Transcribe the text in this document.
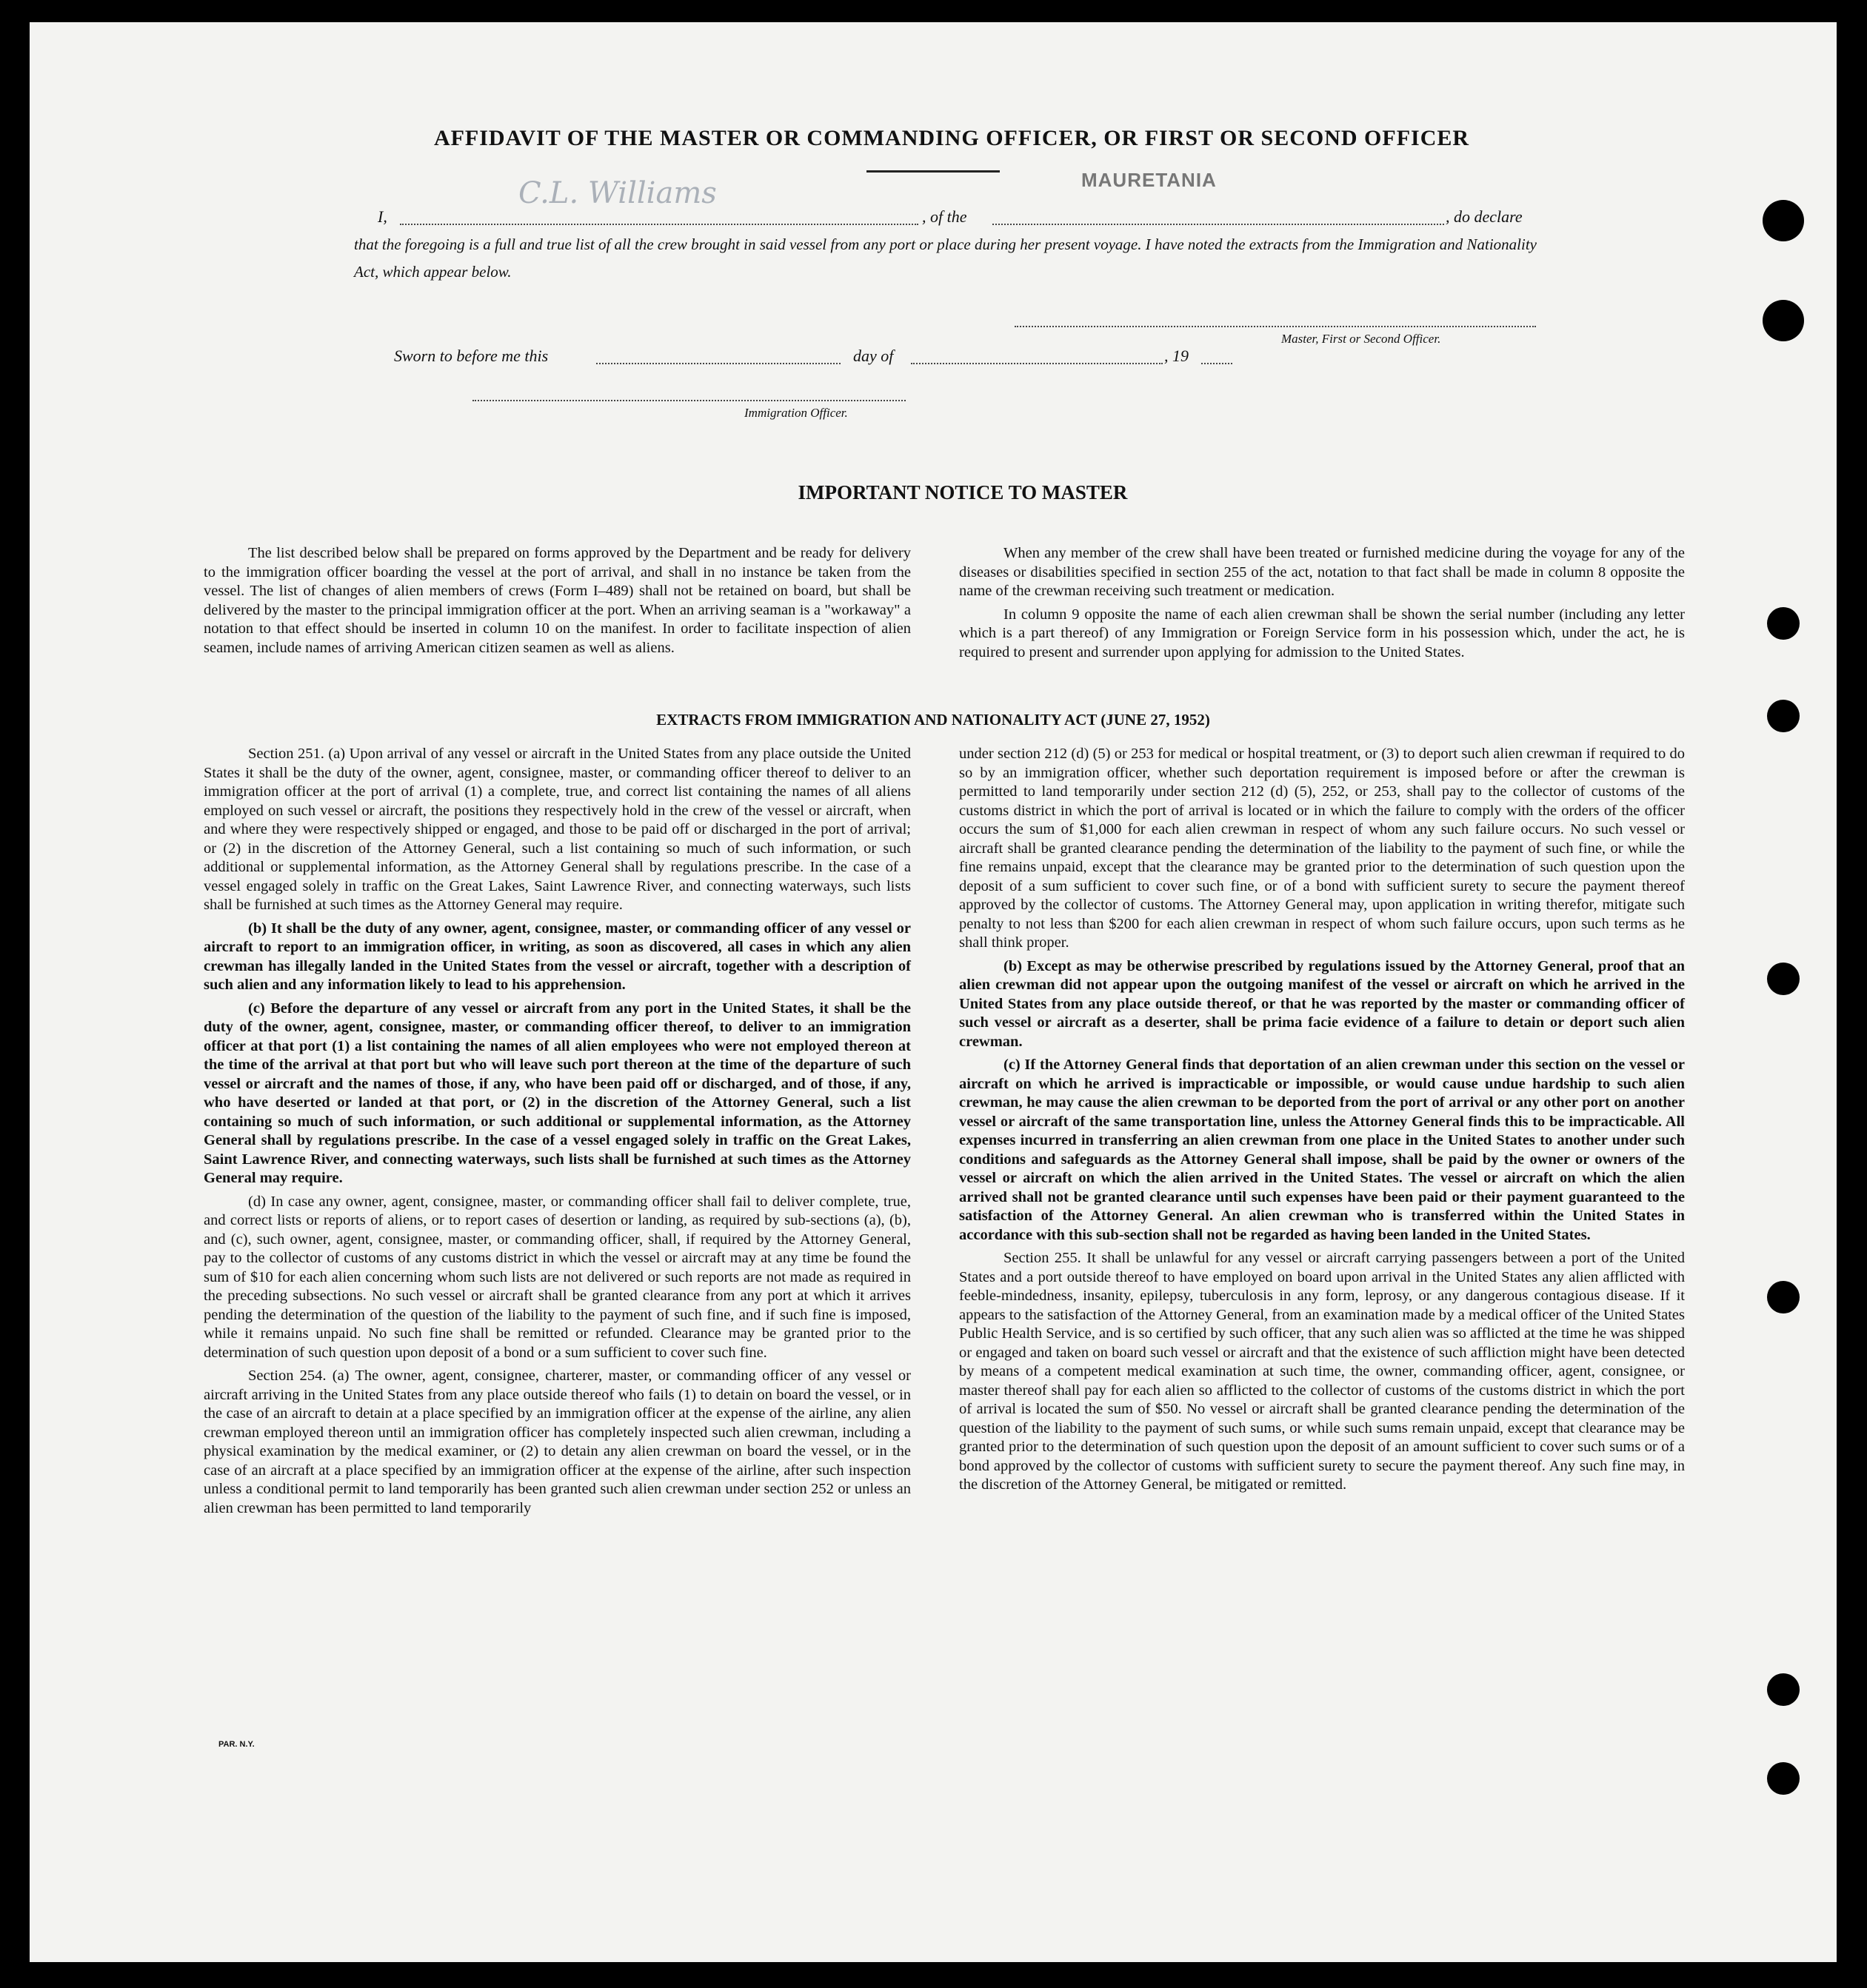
AFFIDAVIT OF THE MASTER OR COMMANDING OFFICER, OR FIRST OR SECOND OFFICER
MAURETANIA
I,
C.L. Williams
, of the	, do declare
that the foregoing is a full and true list of all the crew brought in said vessel from any port or place during her present voyage. I have noted the extracts from the Immigration and Nationality Act, which appear below.
Master, First or Second Officer.
Sworn to before me this	day of	, 19
Immigration Officer.
IMPORTANT NOTICE TO MASTER

The list described below shall be prepared on forms approved by the Department and be ready for delivery to the immigration officer boarding the vessel at the port of arrival, and shall in no instance be taken from the vessel. The list of changes of alien members of crews (Form I–489) shall not be retained on board, but shall be delivered by the master to the principal immigration officer at the port. When an arriving seaman is a "workaway" a notation to that effect should be inserted in column 10 on the manifest. In order to facilitate inspection of alien seamen, include names of arriving American citizen seamen as well as aliens.

When any member of the crew shall have been treated or furnished medicine during the voyage for any of the diseases or disabilities specified in section 255 of the act, notation to that fact shall be made in column 8 opposite the name of the crewman receiving such treatment or medication.

In column 9 opposite the name of each alien crewman shall be shown the serial number (including any letter which is a part thereof) of any Immigration or Foreign Service form in his possession which, under the act, he is required to present and surrender upon applying for admission to the United States.

EXTRACTS FROM IMMIGRATION AND NATIONALITY ACT (JUNE 27, 1952)

Section 251. (a) Upon arrival of any vessel or aircraft in the United States from any place outside the United States it shall be the duty of the owner, agent, consignee, master, or commanding officer thereof to deliver to an immigration officer at the port of arrival (1) a complete, true, and correct list containing the names of all aliens employed on such vessel or aircraft, the positions they respectively hold in the crew of the vessel or aircraft, when and where they were respectively shipped or engaged, and those to be paid off or discharged in the port of arrival; or (2) in the discretion of the Attorney General, such a list containing so much of such information, or such additional or supplemental information, as the Attorney General shall by regulations prescribe. In the case of a vessel engaged solely in traffic on the Great Lakes, Saint Lawrence River, and connecting waterways, such lists shall be furnished at such times as the Attorney General may require.

(b) It shall be the duty of any owner, agent, consignee, master, or commanding officer of any vessel or aircraft to report to an immigration officer, in writing, as soon as discovered, all cases in which any alien crewman has illegally landed in the United States from the vessel or aircraft, together with a description of such alien and any information likely to lead to his apprehension.

(c) Before the departure of any vessel or aircraft from any port in the United States, it shall be the duty of the owner, agent, consignee, master, or commanding officer thereof, to deliver to an immigration officer at that port (1) a list containing the names of all alien employees who were not employed thereon at the time of the arrival at that port but who will leave such port thereon at the time of the departure of such vessel or aircraft and the names of those, if any, who have been paid off or discharged, and of those, if any, who have deserted or landed at that port, or (2) in the discretion of the Attorney General, such a list containing so much of such information, or such additional or supplemental information, as the Attorney General shall by regulations prescribe. In the case of a vessel engaged solely in traffic on the Great Lakes, Saint Lawrence River, and connecting waterways, such lists shall be furnished at such times as the Attorney General may require.

(d) In case any owner, agent, consignee, master, or commanding officer shall fail to deliver complete, true, and correct lists or reports of aliens, or to report cases of desertion or landing, as required by sub-sections (a), (b), and (c), such owner, agent, consignee, master, or commanding officer, shall, if required by the Attorney General, pay to the collector of customs of any customs district in which the vessel or aircraft may at any time be found the sum of $10 for each alien concerning whom such lists are not delivered or such reports are not made as required in the preceding subsections. No such vessel or aircraft shall be granted clearance from any port at which it arrives pending the determination of the question of the liability to the payment of such fine, and if such fine is imposed, while it remains unpaid. No such fine shall be remitted or refunded. Clearance may be granted prior to the determination of such question upon deposit of a bond or a sum sufficient to cover such fine.

Section 254. (a) The owner, agent, consignee, charterer, master, or commanding officer of any vessel or aircraft arriving in the United States from any place outside thereof who fails (1) to detain on board the vessel, or in the case of an aircraft to detain at a place specified by an immigration officer at the expense of the airline, any alien crewman employed thereon until an immigration officer has completely inspected such alien crewman, including a physical examination by the medical examiner, or (2) to detain any alien crewman on board the vessel, or in the case of an aircraft at a place specified by an immigration officer at the expense of the airline, after such inspection unless a conditional permit to land temporarily has been granted such alien crewman under section 252 or unless an alien crewman has been permitted to land temporarily

under section 212 (d) (5) or 253 for medical or hospital treatment, or (3) to deport such alien crewman if required to do so by an immigration officer, whether such deportation requirement is imposed before or after the crewman is permitted to land temporarily under section 212 (d) (5), 252, or 253, shall pay to the collector of customs of the customs district in which the port of arrival is located or in which the failure to comply with the orders of the officer occurs the sum of $1,000 for each alien crewman in respect of whom any such failure occurs. No such vessel or aircraft shall be granted clearance pending the determination of the liability to the payment of such fine, or while the fine remains unpaid, except that the clearance may be granted prior to the determination of such question upon the deposit of a sum sufficient to cover such fine, or of a bond with sufficient surety to secure the payment thereof approved by the collector of customs. The Attorney General may, upon application in writing therefor, mitigate such penalty to not less than $200 for each alien crewman in respect of whom such failure occurs, upon such terms as he shall think proper.

(b) Except as may be otherwise prescribed by regulations issued by the Attorney General, proof that an alien crewman did not appear upon the outgoing manifest of the vessel or aircraft on which he arrived in the United States from any place outside thereof, or that he was reported by the master or commanding officer of such vessel or aircraft as a deserter, shall be prima facie evidence of a failure to detain or deport such alien crewman.

(c) If the Attorney General finds that deportation of an alien crewman under this section on the vessel or aircraft on which he arrived is impracticable or impossible, or would cause undue hardship to such alien crewman, he may cause the alien crewman to be deported from the port of arrival or any other port on another vessel or aircraft of the same transportation line, unless the Attorney General finds this to be impracticable. All expenses incurred in transferring an alien crewman from one place in the United States to another under such conditions and safeguards as the Attorney General shall impose, shall be paid by the owner or owners of the vessel or aircraft on which the alien arrived in the United States. The vessel or aircraft on which the alien arrived shall not be granted clearance until such expenses have been paid or their payment guaranteed to the satisfaction of the Attorney General. An alien crewman who is transferred within the United States in accordance with this sub-section shall not be regarded as having been landed in the United States.

Section 255. It shall be unlawful for any vessel or aircraft carrying passengers between a port of the United States and a port outside thereof to have employed on board upon arrival in the United States any alien afflicted with feeble-mindedness, insanity, epilepsy, tuberculosis in any form, leprosy, or any dangerous contagious disease. If it appears to the satisfaction of the Attorney General, from an examination made by a medical officer of the United States Public Health Service, and is so certified by such officer, that any such alien was so afflicted at the time he was shipped or engaged and taken on board such vessel or aircraft and that the existence of such affliction might have been detected by means of a competent medical examination at such time, the owner, commanding officer, agent, consignee, or master thereof shall pay for each alien so afflicted to the collector of customs of the customs district in which the port of arrival is located the sum of $50. No vessel or aircraft shall be granted clearance pending the determination of the question of the liability to the payment of such sums, or while such sums remain unpaid, except that clearance may be granted prior to the determination of such question upon the deposit of an amount sufficient to cover such sums or of a bond approved by the collector of customs with sufficient surety to secure the payment thereof. Any such fine may, in the discretion of the Attorney General, be mitigated or remitted.

PAR. N.Y.
